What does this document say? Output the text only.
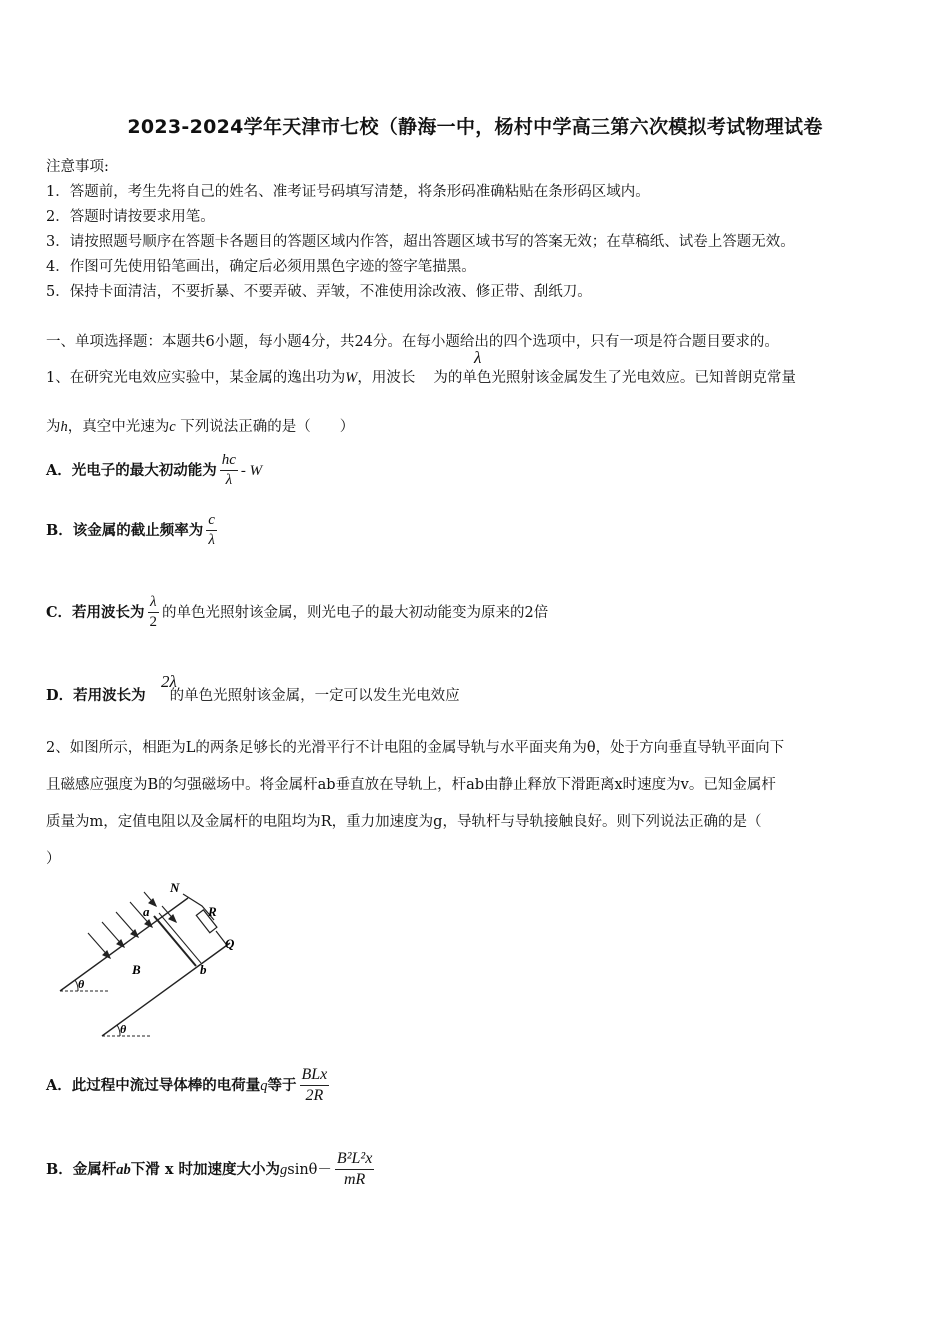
2023-2024学年天津市七校（静海一中，杨村中学高三第六次模拟考试物理试卷
注意事项:
1．答题前，考生先将自己的姓名、准考证号码填写清楚，将条形码准确粘贴在条形码区域内。
2．答题时请按要求用笔。
3．请按照题号顺序在答题卡各题目的答题区域内作答，超出答题区域书写的答案无效；在草稿纸、试卷上答题无效。
4．作图可先使用铅笔画出，确定后必须用黑色字迹的签字笔描黑。
5．保持卡面清洁，不要折暴、不要弄破、弄皱，不准使用涂改液、修正带、刮纸刀。
一、单项选择题：本题共6小题，每小题4分，共24分。在每小题给出的四个选项中，只有一项是符合题目要求的。
1、在研究光电效应实验中，某金属的逸出功为W，用波长 为的单色光照射该金属发生了光电效应。已知普朗克常量
λ
为h，真空中光速为c 下列说法正确的是（　　）
A．光电子的最大初动能为 $\frac{hc}{\lambda}$ - W
B．该金属的截止频率为 $\frac{c}{\lambda}$
C．若用波长为 $\frac{\lambda}{2}$ 的单色光照射该金属，则光电子的最大初动能变为原来的2倍
D．若用波长为 的单色光照射该金属，一定可以发生光电效应
2λ
2、如图所示，相距为L的两条足够长的光滑平行不计电阻的金属导轨与水平面夹角为θ，处于方向垂直导轨平面向下
且磁感应强度为B的匀强磁场中。将金属杆ab垂直放在导轨上，杆ab由静止释放下滑距离x时速度为v。已知金属杆
质量为m，定值电阻以及金属杆的电阻均为R，重力加速度为g，导轨杆与导轨接触良好。则下列说法正确的是（
）
N
R
Q
a
b
B
θ
θ
A．此过程中流过导体棒的电荷量q等于 $\frac{\text{BLx}}{2R}$
B．金属杆ab下滑 x 时加速度大小为$gsin\theta- \frac{\text{B²L²x}}{mR}$
